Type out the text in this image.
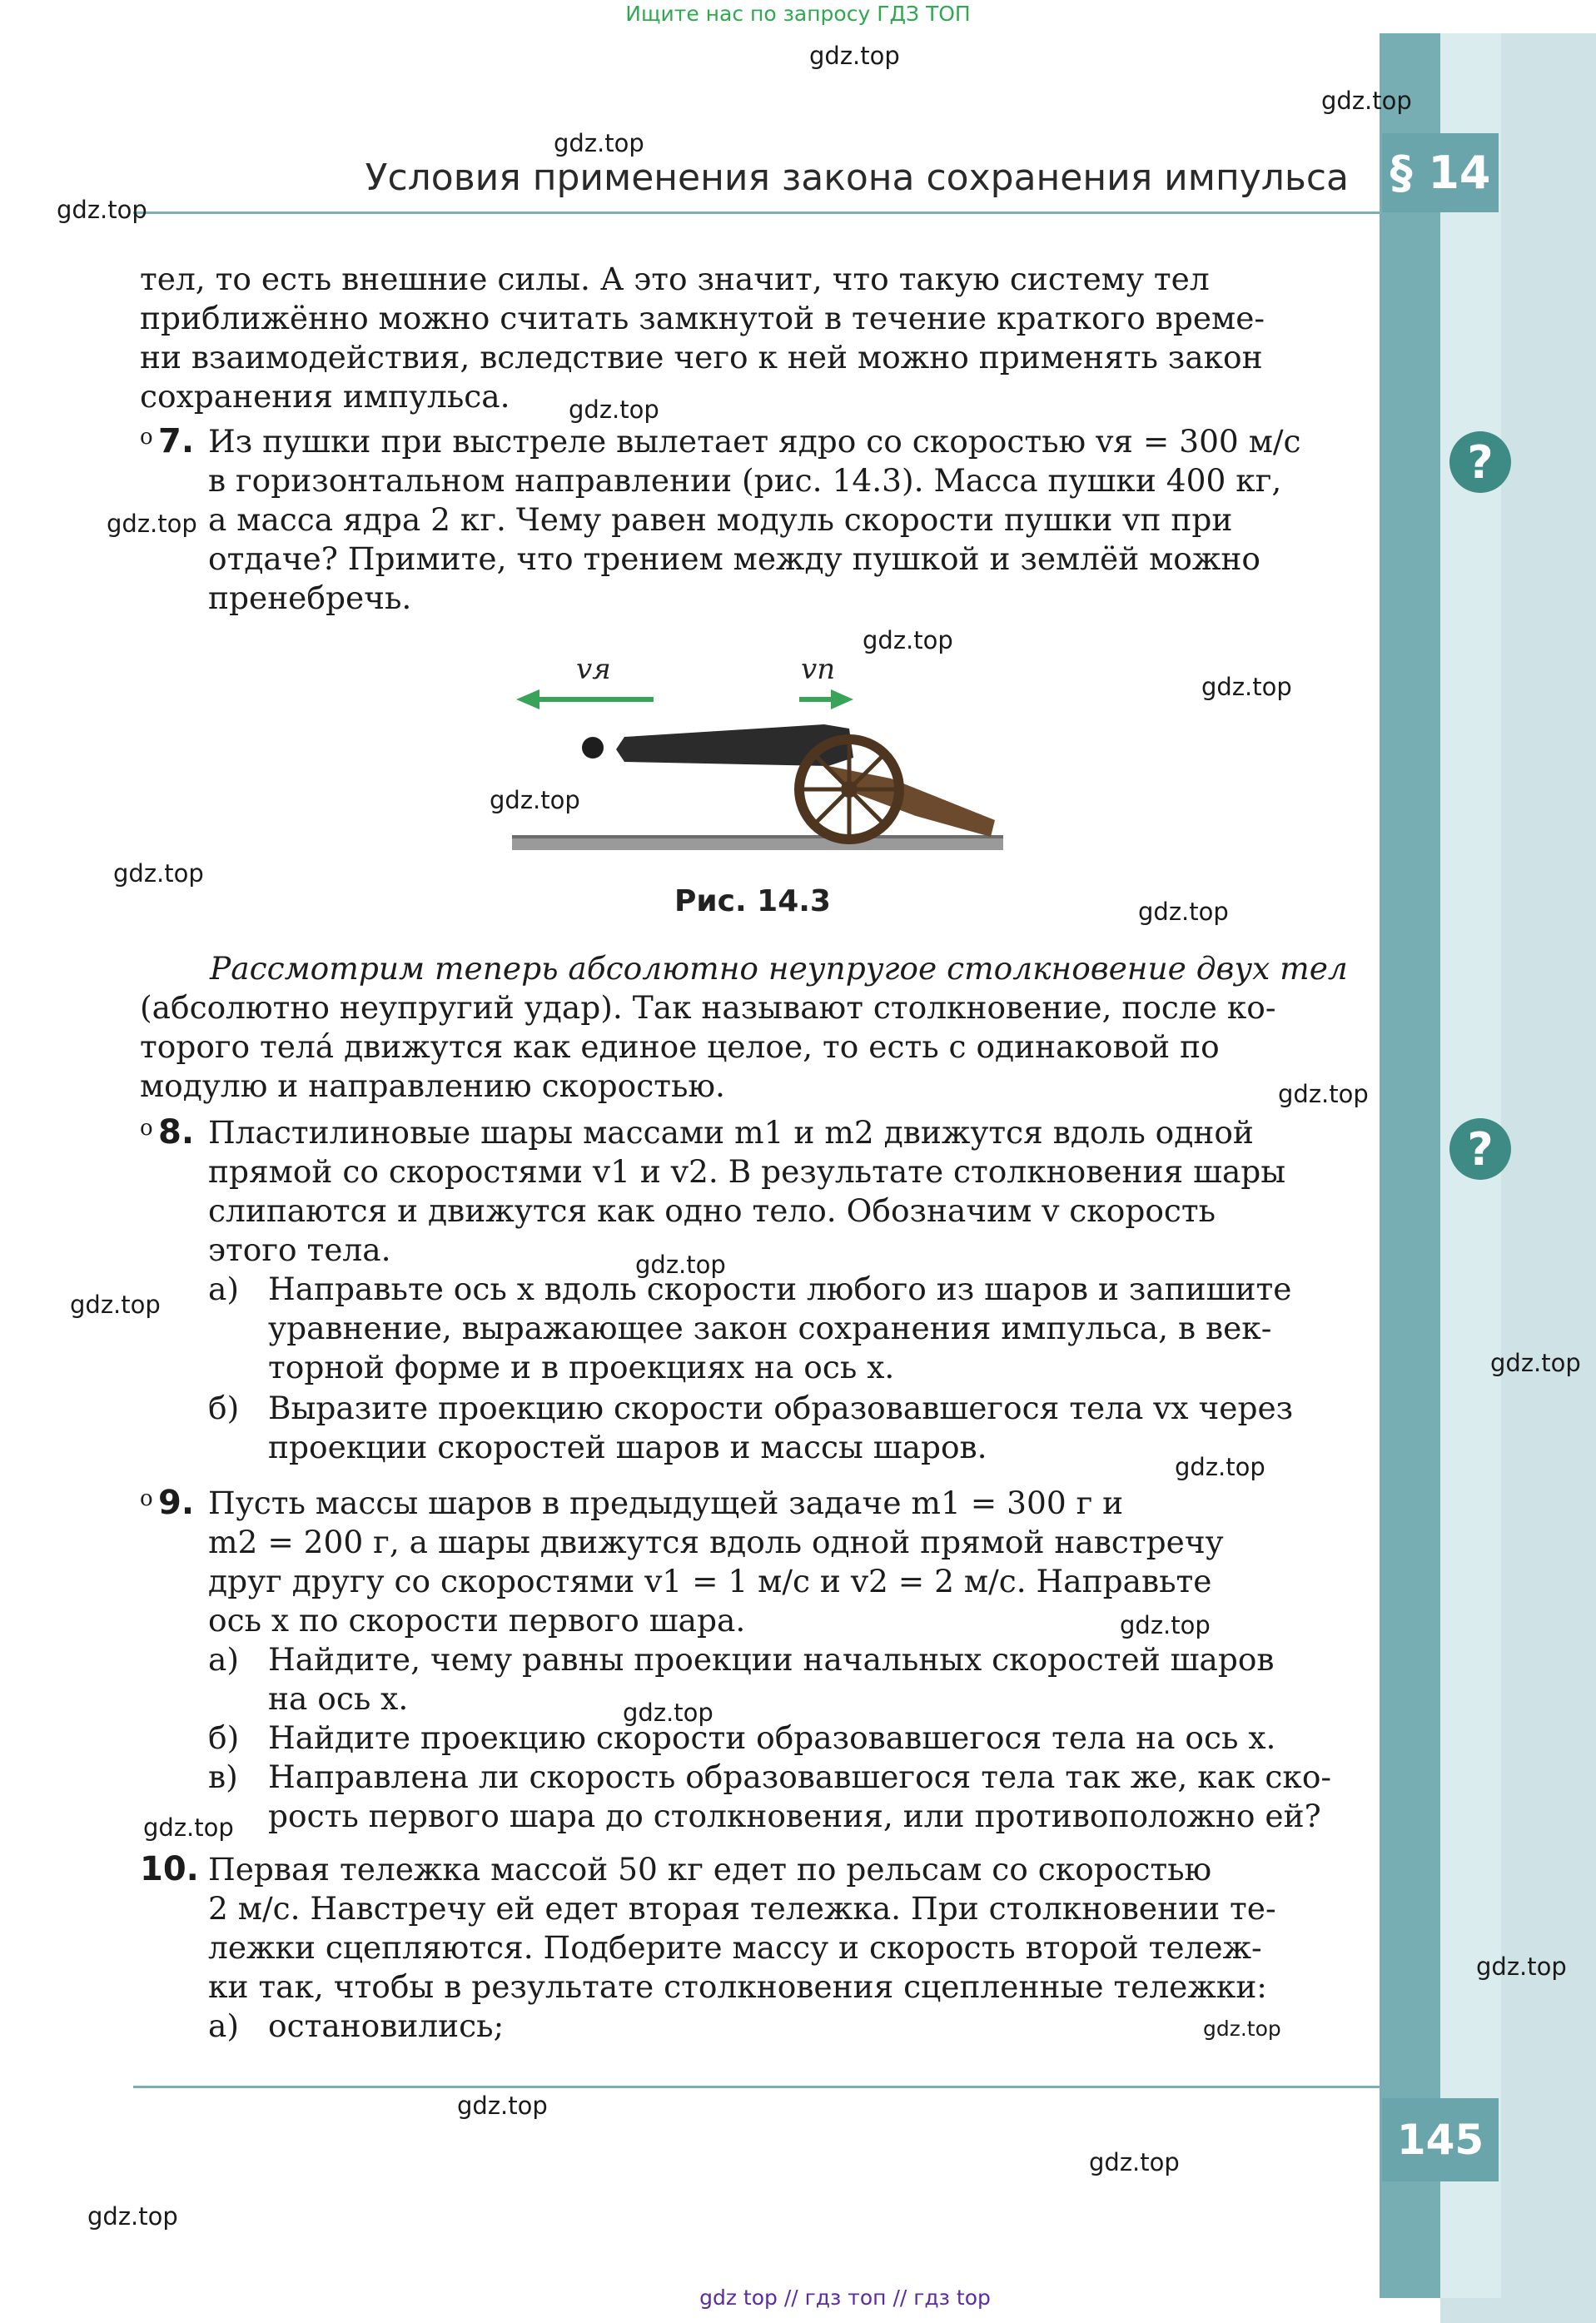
Ищите нас по запросу ГДЗ ТОП
gdz top // гдз топ // гдз top
Условия применения закона сохранения импульса § 14
?
?
тел, то есть внешние силы. А это значит, что такую систему тел
приближённо можно считать замкнутой в течение краткого време-
ни взаимодействия, вследствие чего к ней можно применять закон
сохранения импульса.
о 7. Из пушки при выстреле вылетает ядро со скоростью vя = 300 м/с
в горизонтальном направлении (рис. 14.3). Масса пушки 400 кг,
а масса ядра 2 кг. Чему равен модуль скорости пушки vп при
отдаче? Примите, что трением между пушкой и землёй можно
пренебречь.
vя	vп
Рис. 14.3
Рассмотрим теперь абсолютно неупругое столкновение двух тел
(абсолютно неупругий удар). Так называют столкновение, после ко-
торого тела́ движутся как единое целое, то есть с одинаковой по
модулю и направлению скоростью.
о 8. Пластилиновые шары массами m1 и m2 движутся вдоль одной
прямой со скоростями v1 и v2. В результате столкновения шары
слипаются и движутся как одно тело. Обозначим v скорость
этого тела.
а) Направьте ось x вдоль скорости любого из шаров и запишите
уравнение, выражающее закон сохранения импульса, в век-
торной форме и в проекциях на ось x.
б) Выразите проекцию скорости образовавшегося тела vx через
проекции скоростей шаров и массы шаров.
о 9. Пусть массы шаров в предыдущей задаче m1 = 300 г и
m2 = 200 г, а шары движутся вдоль одной прямой навстречу
друг другу со скоростями v1 = 1 м/с и v2 = 2 м/с. Направьте
ось x по скорости первого шара.
а) Найдите, чему равны проекции начальных скоростей шаров
на ось x.
б) Найдите проекцию скорости образовавшегося тела на ось x.
в) Направлена ли скорость образовавшегося тела так же, как ско-
рость первого шара до столкновения, или противоположно ей?
10. Первая тележка массой 50 кг едет по рельсам со скоростью
2 м/с. Навстречу ей едет вторая тележка. При столкновении те-
лежки сцепляются. Подберите массу и скорость второй тележ-
ки так, чтобы в результате столкновения сцепленные тележки:
а) остановились;
145
gdz.top
gdz.top
gdz.top
gdz.top
gdz.top
gdz.top
gdz.top
gdz.top
gdz.top
gdz.top
gdz.top
gdz.top
gdz.top
gdz.top
gdz.top
gdz.top
gdz.top
gdz.top
gdz.top
gdz.top
gdz.top
gdz.top
gdz.top
gdz.top
